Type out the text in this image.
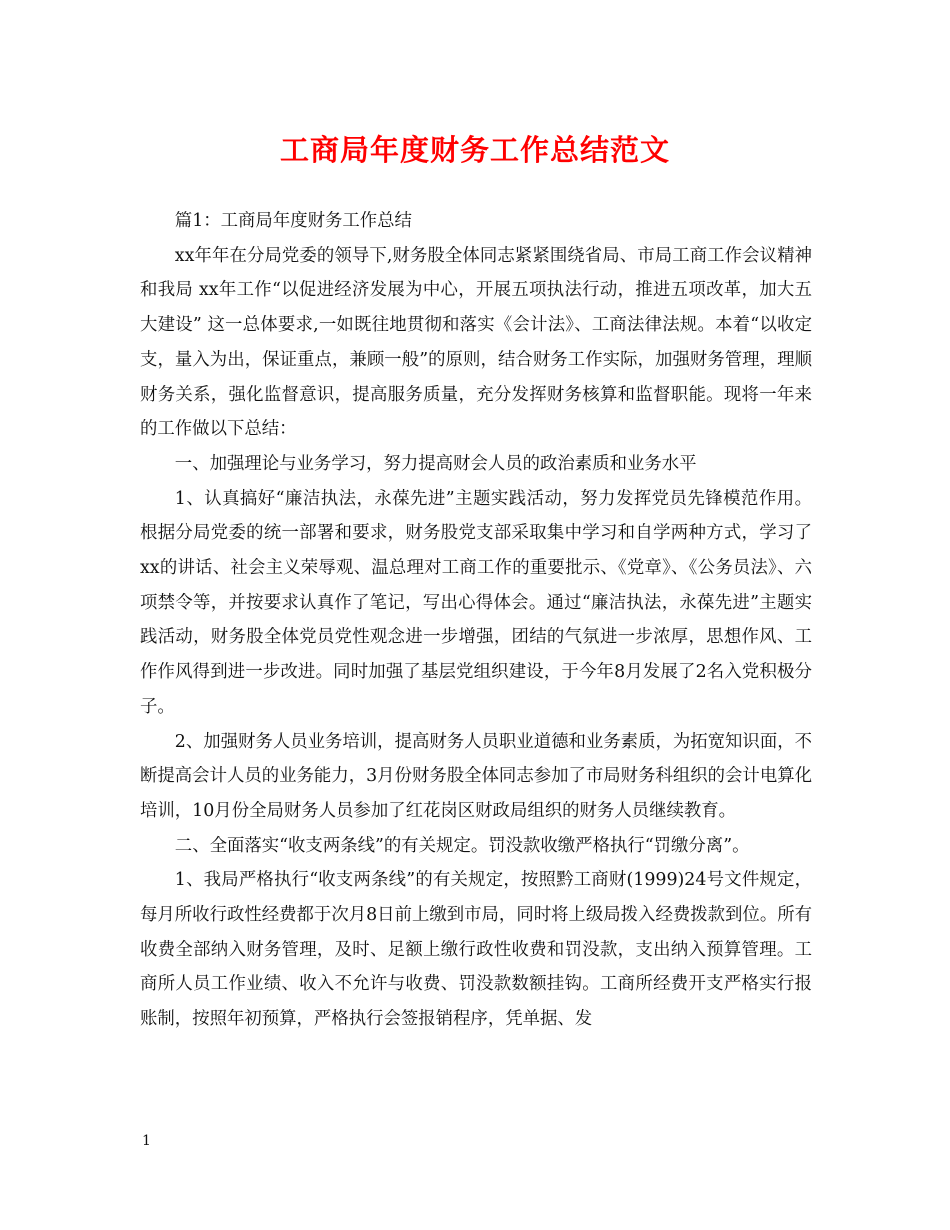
工商局年度财务工作总结范文

篇1：工商局年度财务工作总结

xx年年在分局党委的领导下,财务股全体同志紧紧围绕省局、市局工商工作会议精神和我局 xx年工作“以促进经济发展为中心，开展五项执法行动，推进五项改革，加大五大建设” 这一总体要求,一如既往地贯彻和落实《会计法》、工商法律法规。本着“以收定支，量入为出，保证重点，兼顾一般”的原则，结合财务工作实际，加强财务管理，理顺财务关系，强化监督意识，提高服务质量，充分发挥财务核算和监督职能。现将一年来的工作做以下总结：

一、加强理论与业务学习，努力提高财会人员的政治素质和业务水平

1、认真搞好“廉洁执法，永葆先进”主题实践活动，努力发挥党员先锋模范作用。根据分局党委的统一部署和要求，财务股党支部采取集中学习和自学两种方式，学习了xx的讲话、社会主义荣辱观、温总理对工商工作的重要批示、《党章》、《公务员法》、六项禁令等，并按要求认真作了笔记，写出心得体会。通过“廉洁执法，永葆先进”主题实践活动，财务股全体党员党性观念进一步增强，团结的气氛进一步浓厚，思想作风、工作作风得到进一步改进。同时加强了基层党组织建设，于今年8月发展了2名入党积极分子。

2、加强财务人员业务培训，提高财务人员职业道德和业务素质，为拓宽知识面，不断提高会计人员的业务能力，3月份财务股全体同志参加了市局财务科组织的会计电算化培训，10月份全局财务人员参加了红花岗区财政局组织的财务人员继续教育。

二、全面落实“收支两条线”的有关规定。罚没款收缴严格执行“罚缴分离”。

1、我局严格执行“收支两条线”的有关规定，按照黔工商财(1999)24号文件规定，每月所收行政性经费都于次月8日前上缴到市局，同时将上级局拨入经费拨款到位。所有收费全部纳入财务管理，及时、足额上缴行政性收费和罚没款，支出纳入预算管理。工商所人员工作业绩、收入不允许与收费、罚没款数额挂钩。工商所经费开支严格实行报账制，按照年初预算，严格执行会签报销程序，凭单据、发

1
